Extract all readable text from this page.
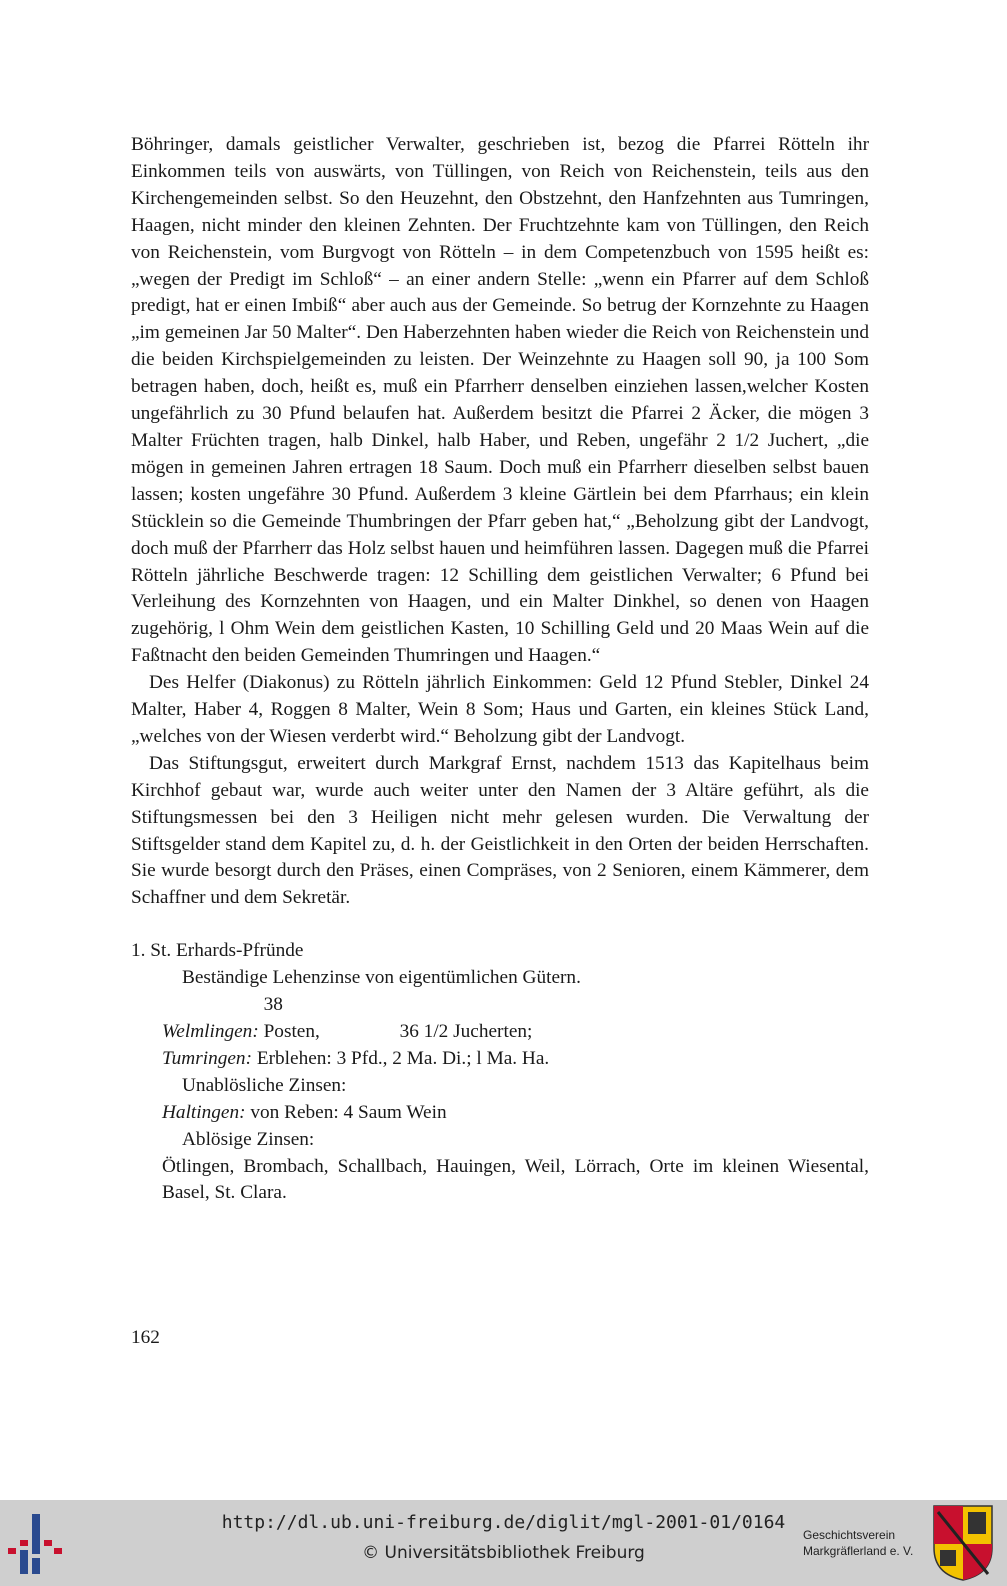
Böhringer, damals geistlicher Verwalter, geschrieben ist, bezog die Pfarrei Rötteln ihr Einkommen teils von auswärts, von Tüllingen, von Reich von Reichenstein, teils aus den Kirchengemeinden selbst. So den Heuzehnt, den Obstzehnt, den Hanfzehnten aus Tumringen, Haagen, nicht minder den kleinen Zehnten. Der Fruchtzehnte kam von Tüllingen, den Reich von Reichenstein, vom Burgvogt von Rötteln – in dem Competenzbuch von 1595 heißt es: „wegen der Predigt im Schloß“ – an einer andern Stelle: „wenn ein Pfarrer auf dem Schloß predigt, hat er einen Imbiß“ aber auch aus der Gemeinde. So betrug der Kornzehnte zu Haagen „im gemeinen Jar 50 Malter“. Den Haberzehnten haben wieder die Reich von Reichenstein und die beiden Kirchspielgemeinden zu leisten. Der Weinzehnte zu Haagen soll 90, ja 100 Som betragen haben, doch, heißt es, muß ein Pfarrherr denselben einziehen lassen,welcher Kosten ungefährlich zu 30 Pfund belaufen hat. Außerdem besitzt die Pfarrei 2 Äcker, die mögen 3 Malter Früchten tragen, halb Dinkel, halb Haber, und Reben, ungefähr 2 1/2 Juchert, „die mögen in gemeinen Jahren ertragen 18 Saum. Doch muß ein Pfarrherr dieselben selbst bauen lassen; kosten ungefähre 30 Pfund. Außerdem 3 kleine Gärtlein bei dem Pfarrhaus; ein klein Stücklein so die Gemeinde Thumbringen der Pfarr geben hat,“ „Beholzung gibt der Landvogt, doch muß der Pfarrherr das Holz selbst hauen und heimführen lassen. Dagegen muß die Pfarrei Rötteln jährliche Beschwerde tragen: 12 Schilling dem geistlichen Verwalter; 6 Pfund bei Verleihung des Kornzehnten von Haagen, und ein Malter Dinkhel, so denen von Haagen zugehörig, l Ohm Wein dem geistlichen Kasten, 10 Schilling Geld und 20 Maas Wein auf die Faßtnacht den beiden Gemeinden Thumringen und Haagen.“

Des Helfer (Diakonus) zu Rötteln jährlich Einkommen: Geld 12 Pfund Stebler, Dinkel 24 Malter, Haber 4, Roggen 8 Malter, Wein 8 Som; Haus und Garten, ein kleines Stück Land, „welches von der Wiesen verderbt wird.“ Beholzung gibt der Landvogt.

Das Stiftungsgut, erweitert durch Markgraf Ernst, nachdem 1513 das Kapitelhaus beim Kirchhof gebaut war, wurde auch weiter unter den Namen der 3 Altäre geführt, als die Stiftungsmessen bei den 3 Heiligen nicht mehr gelesen wurden. Die Verwaltung der Stiftsgelder stand dem Kapitel zu, d. h. der Geistlichkeit in den Orten der beiden Herrschaften. Sie wurde besorgt durch den Präses, einen Compräses, von 2 Senioren, einem Kämmerer, dem Schaffner und dem Sekretär.

1. St. Erhards-Pfründe

Beständige Lehenzinse von eigentümlichen Gütern.

Welmlingen: 38 Posten,	36 1/2 Jucherten;

Tumringen: Erblehen: 3 Pfd., 2 Ma. Di.; l Ma. Ha.

Unablösliche Zinsen:

Haltingen: von Reben: 4 Saum Wein

Ablösige Zinsen:

Ötlingen, Brombach, Schallbach, Hauingen, Weil, Lörrach, Orte im kleinen Wiesental, Basel, St. Clara.

162
http://dl.ub.uni-freiburg.de/diglit/mgl-2001-01/0164
© Universitätsbibliothek Freiburg
Geschichtsverein
Markgräflerland e. V.
